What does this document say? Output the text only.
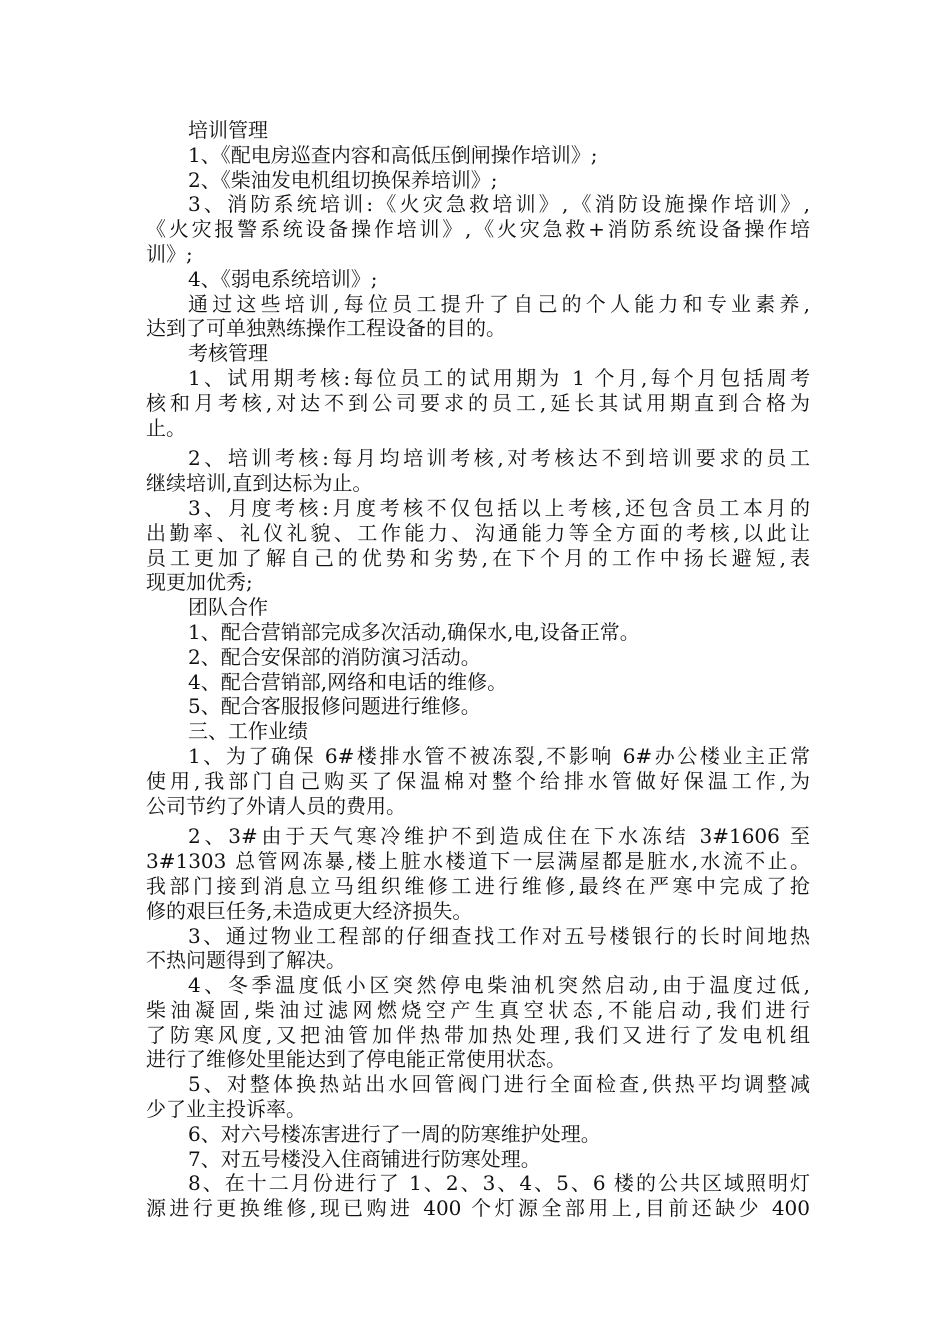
培训管理
1、《配电房巡查内容和高低压倒闸操作培训》;
2、《柴油发电机组切换保养培训》;
3、消防系统培训:《火灾急救培训》,《消防设施操作培训》,
《火灾报警系统设备操作培训》,《火灾急救+消防系统设备操作培
训》;
4、《弱电系统培训》;
通过这些培训,每位员工提升了自己的个人能力和专业素养,
达到了可单独熟练操作工程设备的目的。
考核管理
1、试用期考核:每位员工的试用期为 1 个月,每个月包括周考
核和月考核,对达不到公司要求的员工,延长其试用期直到合格为
止。
2、培训考核:每月均培训考核,对考核达不到培训要求的员工
继续培训,直到达标为止。
3、月度考核:月度考核不仅包括以上考核,还包含员工本月的
出勤率、礼仪礼貌、工作能力、沟通能力等全方面的考核,以此让
员工更加了解自己的优势和劣势,在下个月的工作中扬长避短,表
现更加优秀;
团队合作
1、配合营销部完成多次活动,确保水,电,设备正常。
2、配合安保部的消防演习活动。
4、配合营销部,网络和电话的维修。
5、配合客服报修问题进行维修。
三、工作业绩
1、为了确保 6#楼排水管不被冻裂,不影响 6#办公楼业主正常
使用,我部门自己购买了保温棉对整个给排水管做好保温工作,为
公司节约了外请人员的费用。
2、3#由于天气寒冷维护不到造成住在下水冻结 3#1606 至
3#1303 总管网冻暴,楼上脏水楼道下一层满屋都是脏水,水流不止。
我部门接到消息立马组织维修工进行维修,最终在严寒中完成了抢
修的艰巨任务,未造成更大经济损失。
3、通过物业工程部的仔细查找工作对五号楼银行的长时间地热
不热问题得到了解决。
4、冬季温度低小区突然停电柴油机突然启动,由于温度过低,
柴油凝固,柴油过滤网燃烧空产生真空状态,不能启动,我们进行
了防寒风度,又把油管加伴热带加热处理,我们又进行了发电机组
进行了维修处里能达到了停电能正常使用状态。
5、对整体换热站出水回管阀门进行全面检查,供热平均调整减
少了业主投诉率。
6、对六号楼冻害进行了一周的防寒维护处理。
7、对五号楼没入住商铺进行防寒处理。
8、在十二月份进行了 1、2、3、4、5、6 楼的公共区域照明灯
源进行更换维修,现已购进 400 个灯源全部用上,目前还缺少 400
